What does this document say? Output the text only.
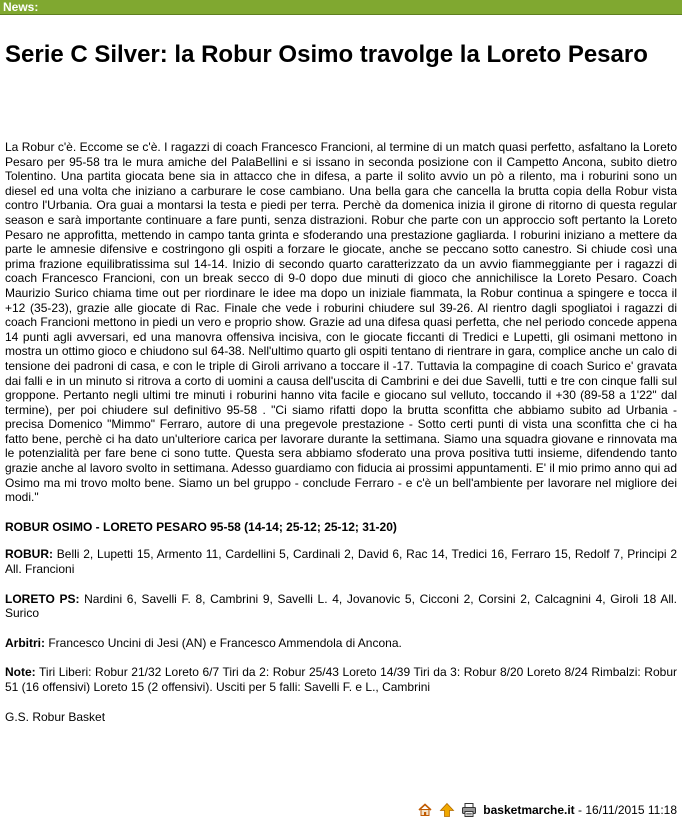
News:
Serie C Silver: la Robur Osimo travolge la Loreto Pesaro

La Robur c'è. Eccome se c'è. I ragazzi di coach Francesco Francioni, al termine di un match quasi perfetto, asfaltano la Loreto Pesaro per 95-58 tra le mura amiche del PalaBellini e si issano in seconda posizione con il Campetto Ancona, subito dietro Tolentino. Una partita giocata bene sia in attacco che in difesa, a parte il solito avvio un pò a rilento, ma i roburini sono un diesel ed una volta che iniziano a carburare le cose cambiano. Una bella gara che cancella la brutta copia della Robur vista contro l'Urbania. Ora guai a montarsi la testa e piedi per terra. Perchè da domenica inizia il girone di ritorno di questa regular season e sarà importante continuare a fare punti, senza distrazioni. Robur che parte con un approccio soft pertanto la Loreto Pesaro ne approfitta, mettendo in campo tanta grinta e sfoderando una prestazione gagliarda. I roburini iniziano a mettere da parte le amnesie difensive e costringono gli ospiti a forzare le giocate, anche se peccano sotto canestro. Si chiude così una prima frazione equilibratissima sul 14-14. Inizio di secondo quarto caratterizzato da un avvio fiammeggiante per i ragazzi di coach Francesco Francioni, con un break secco di 9-0 dopo due minuti di gioco che annichilisce la Loreto Pesaro. Coach Maurizio Surico chiama time out per riordinare le idee ma dopo un iniziale fiammata, la Robur continua a spingere e tocca il +12 (35-23), grazie alle giocate di Rac. Finale che vede i roburini chiudere sul 39-26. Al rientro dagli spogliatoi i ragazzi di coach Francioni mettono in piedi un vero e proprio show. Grazie ad una difesa quasi perfetta, che nel periodo concede appena 14 punti agli avversari, ed una manovra offensiva incisiva, con le giocate ficcanti di Tredici e Lupetti, gli osimani mettono in mostra un ottimo gioco e chiudono sul 64-38. Nell'ultimo quarto gli ospiti tentano di rientrare in gara, complice anche un calo di tensione dei padroni di casa, e con le triple di Giroli arrivano a toccare il -17. Tuttavia la compagine di coach Surico e' gravata dai falli e in un minuto si ritrova a corto di uomini a causa dell'uscita di Cambrini e dei due Savelli, tutti e tre con cinque falli sul groppone. Pertanto negli ultimi tre minuti i roburini hanno vita facile e giocano sul velluto, toccando il +30 (89-58 a 1'22" dal termine), per poi chiudere sul definitivo 95-58 . "Ci siamo rifatti dopo la brutta sconfitta che abbiamo subito ad Urbania - precisa Domenico "Mimmo" Ferraro, autore di una pregevole prestazione - Sotto certi punti di vista una sconfitta che ci ha fatto bene, perchè ci ha dato un'ulteriore carica per lavorare durante la settimana. Siamo una squadra giovane e rinnovata ma le potenzialità per fare bene ci sono tutte. Questa sera abbiamo sfoderato una prova positiva tutti insieme, difendendo tanto grazie anche al lavoro svolto in settimana. Adesso guardiamo con fiducia ai prossimi appuntamenti. E' il mio primo anno qui ad Osimo ma mi trovo molto bene. Siamo un bel gruppo - conclude Ferraro - e c'è un bell'ambiente per lavorare nel migliore dei modi."

ROBUR OSIMO - LORETO PESARO 95-58 (14-14; 25-12; 25-12; 31-20)

ROBUR: Belli 2, Lupetti 15, Armento 11, Cardellini 5, Cardinali 2, David 6, Rac 14, Tredici 16, Ferraro 15, Redolf 7, Principi 2 All. Francioni

LORETO PS: Nardini 6, Savelli F. 8, Cambrini 9, Savelli L. 4, Jovanovic 5, Cicconi 2, Corsini 2, Calcagnini 4, Giroli 18 All. Surico

Arbitri: Francesco Uncini di Jesi (AN) e Francesco Ammendola di Ancona.

Note: Tiri Liberi: Robur 21/32 Loreto 6/7 Tiri da 2: Robur 25/43 Loreto 14/39 Tiri da 3: Robur 8/20 Loreto 8/24 Rimbalzi: Robur 51 (16 offensivi) Loreto 15 (2 offensivi). Usciti per 5 falli: Savelli F. e L., Cambrini

G.S. Robur Basket

basketmarche.it - 16/11/2015 11:18
